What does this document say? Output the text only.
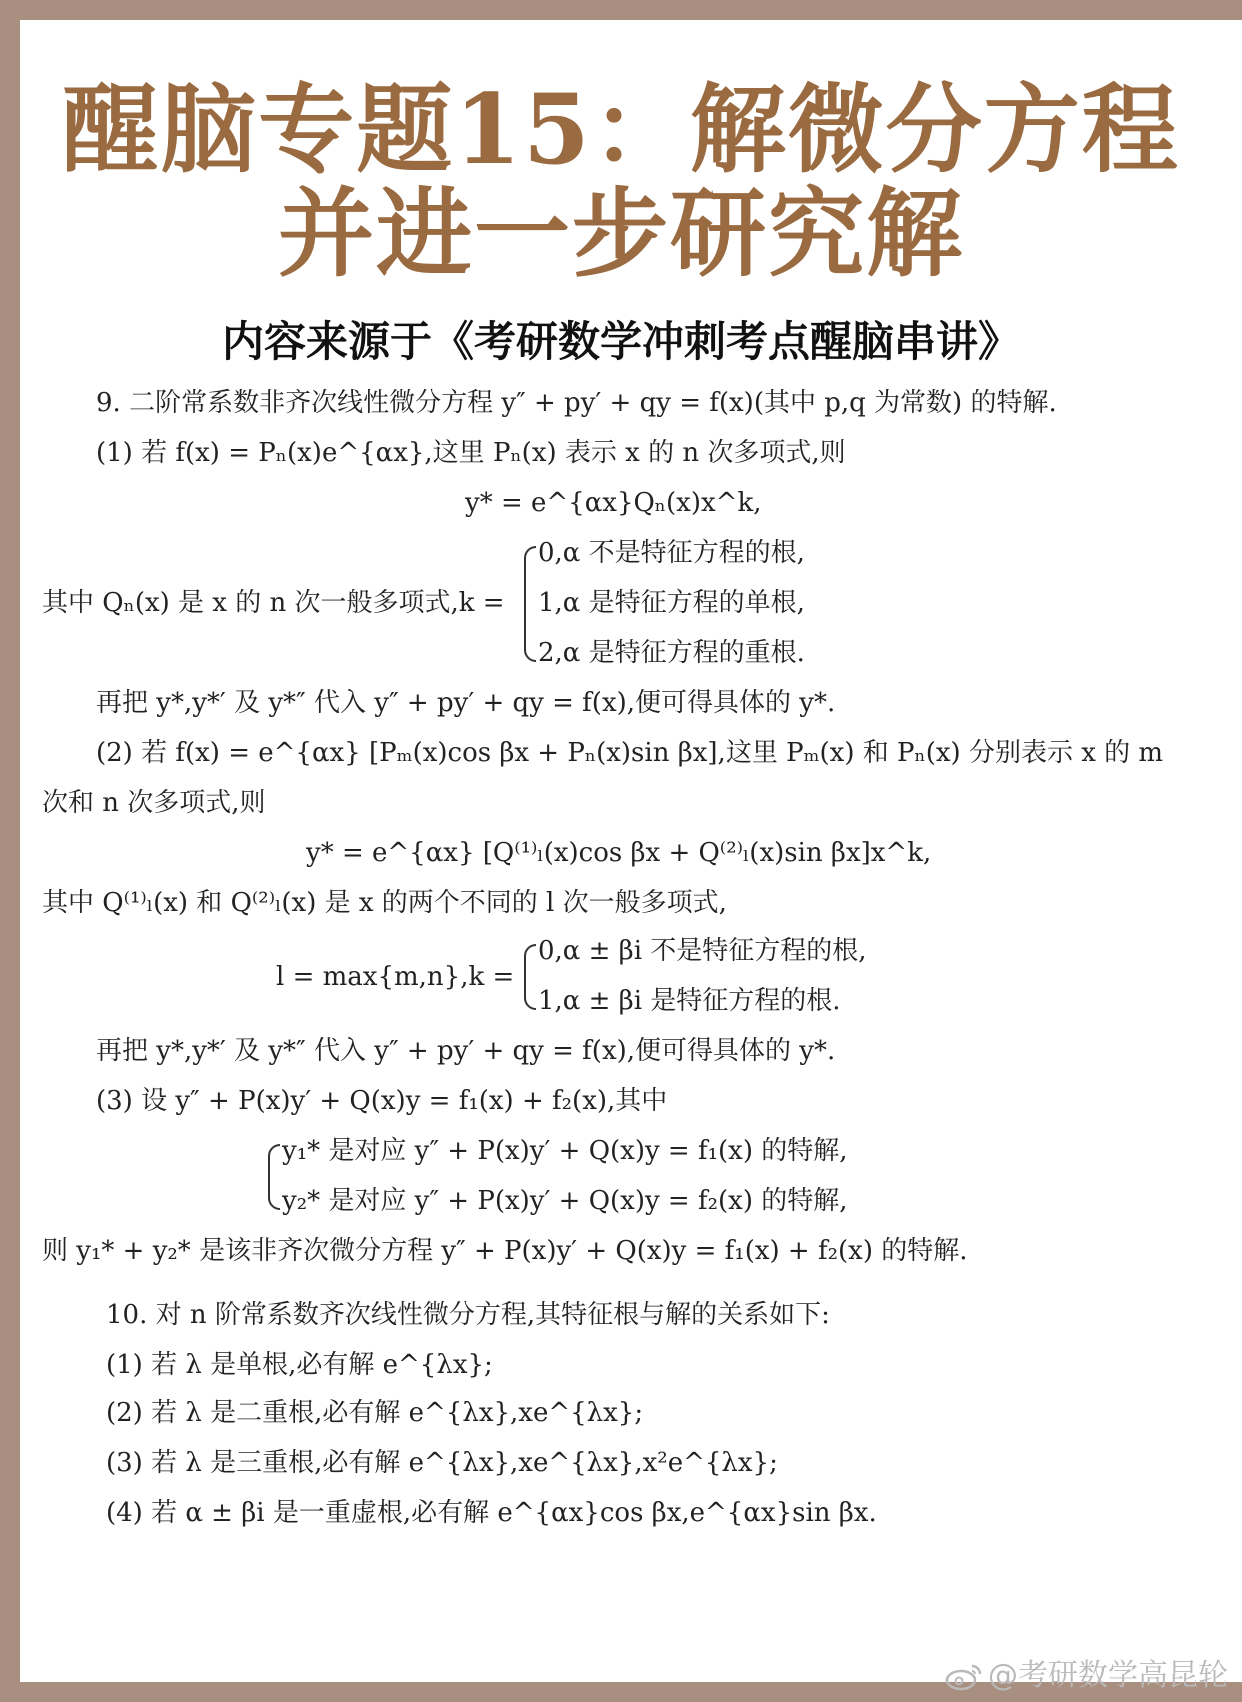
醒脑专题15：解微分方程
并进一步研究解
内容来源于《考研数学冲刺考点醒脑串讲》
9. 二阶常系数非齐次线性微分方程 y″ + py′ + qy = f(x)(其中 p,q 为常数) 的特解.
(1) 若 f(x) = Pₙ(x)e^{αx},这里 Pₙ(x) 表示 x 的 n 次多项式,则
y* = e^{αx}Qₙ(x)x^k,
0,α 不是特征方程的根,
其中 Qₙ(x) 是 x 的 n 次一般多项式,k = 1,α 是特征方程的单根,
2,α 是特征方程的重根.
再把 y*,y*′ 及 y*″ 代入 y″ + py′ + qy = f(x),便可得具体的 y*.
(2) 若 f(x) = e^{αx} [Pₘ(x)cos βx + Pₙ(x)sin βx],这里 Pₘ(x) 和 Pₙ(x) 分别表示 x 的 m
次和 n 次多项式,则
y* = e^{αx} [Q⁽¹⁾ₗ(x)cos βx + Q⁽²⁾ₗ(x)sin βx]x^k,
其中 Q⁽¹⁾ₗ(x) 和 Q⁽²⁾ₗ(x) 是 x 的两个不同的 l 次一般多项式,
0,α ± βi 不是特征方程的根,
l = max{m,n},k =
1,α ± βi 是特征方程的根.
再把 y*,y*′ 及 y*″ 代入 y″ + py′ + qy = f(x),便可得具体的 y*.
(3) 设 y″ + P(x)y′ + Q(x)y = f₁(x) + f₂(x),其中
y₁* 是对应 y″ + P(x)y′ + Q(x)y = f₁(x) 的特解,
y₂* 是对应 y″ + P(x)y′ + Q(x)y = f₂(x) 的特解,
则 y₁* + y₂* 是该非齐次微分方程 y″ + P(x)y′ + Q(x)y = f₁(x) + f₂(x) 的特解.
10. 对 n 阶常系数齐次线性微分方程,其特征根与解的关系如下:
(1) 若 λ 是单根,必有解 e^{λx};
(2) 若 λ 是二重根,必有解 e^{λx},xe^{λx};
(3) 若 λ 是三重根,必有解 e^{λx},xe^{λx},x²e^{λx};
(4) 若 α ± βi 是一重虚根,必有解 e^{αx}cos βx,e^{αx}sin βx.
@考研数学高昆轮
